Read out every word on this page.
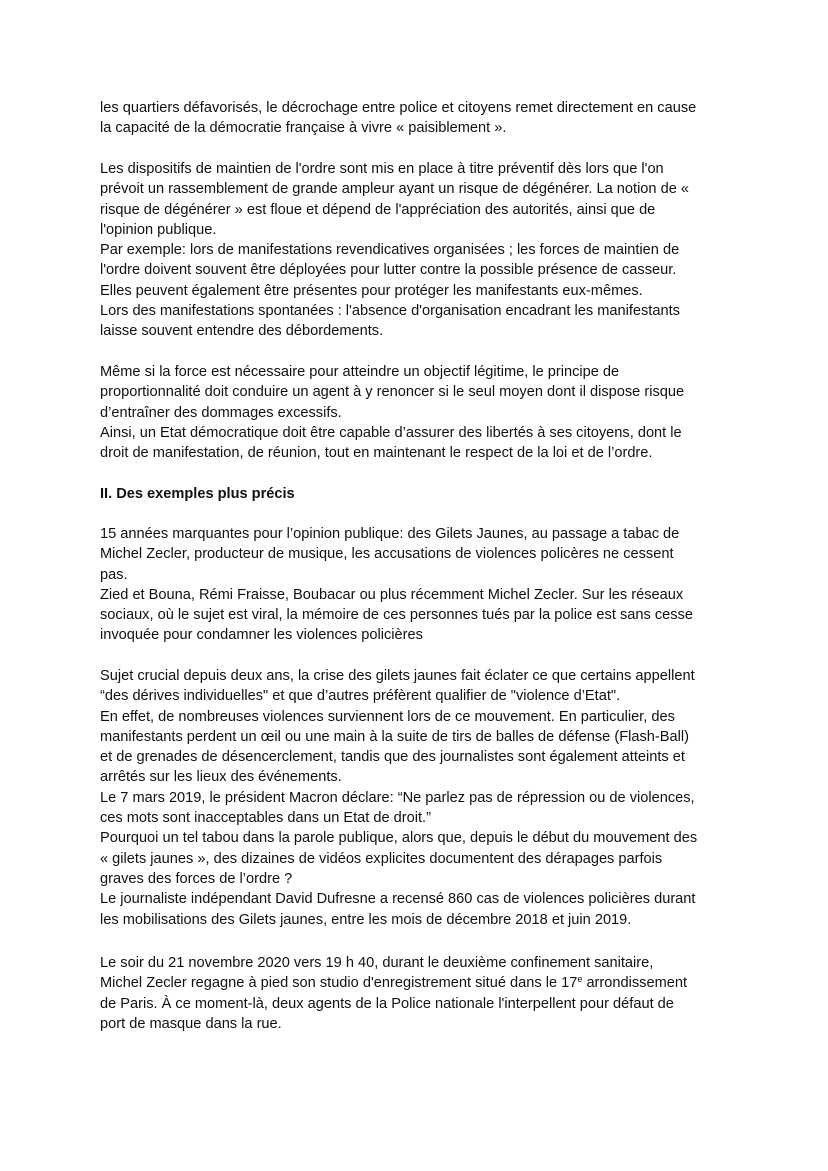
les quartiers défavorisés, le décrochage entre police et citoyens remet directement en cause

la capacité de la démocratie française à vivre « paisiblement ».

Les dispositifs de maintien de l'ordre sont mis en place à titre préventif dès lors que l'on

prévoit un rassemblement de grande ampleur ayant un risque de dégénérer. La notion de «

risque de dégénérer » est floue et dépend de l'appréciation des autorités, ainsi que de

l'opinion publique.

Par exemple: lors de manifestations revendicatives organisées ; les forces de maintien de

l'ordre doivent souvent être déployées pour lutter contre la possible présence de casseur.

Elles peuvent également être présentes pour protéger les manifestants eux-mêmes.

Lors des manifestations spontanées : l'absence d'organisation encadrant les manifestants

laisse souvent entendre des débordements.

Même si la force est nécessaire pour atteindre un objectif légitime, le principe de

proportionnalité doit conduire un agent à y renoncer si le seul moyen dont il dispose risque

d’entraîner des dommages excessifs.

Ainsi, un Etat démocratique doit être capable d’assurer des libertés à ses citoyens, dont le

droit de manifestation, de réunion, tout en maintenant le respect de la loi et de l’ordre.

II. Des exemples plus précis

15 années marquantes pour l’opinion publique: des Gilets Jaunes, au passage a tabac de

Michel Zecler, producteur de musique, les accusations de violences policères ne cessent

pas.

Zied et Bouna, Rémi Fraisse, Boubacar ou plus récemment Michel Zecler. Sur les réseaux

sociaux, où le sujet est viral, la mémoire de ces personnes tués par la police est sans cesse

invoquée pour condamner les violences policières

Sujet crucial depuis deux ans, la crise des gilets jaunes fait éclater ce que certains appellent

“des dérives individuelles" et que d’autres préfèrent qualifier de "violence d’Etat".

En effet, de nombreuses violences surviennent lors de ce mouvement. En particulier, des

manifestants perdent un œil ou une main à la suite de tirs de balles de défense (Flash-Ball)

et de grenades de désencerclement, tandis que des journalistes sont également atteints et

arrêtés sur les lieux des événements.

Le 7 mars 2019, le président Macron déclare: “Ne parlez pas de répression ou de violences,

ces mots sont inacceptables dans un Etat de droit.”

Pourquoi un tel tabou dans la parole publique, alors que, depuis le début du mouvement des

« gilets jaunes », des dizaines de vidéos explicites documentent des dérapages parfois

graves des forces de l’ordre ?

Le journaliste indépendant David Dufresne a recensé 860 cas de violences policières durant

les mobilisations des Gilets jaunes, entre les mois de décembre 2018 et juin 2019.

Le soir du 21 novembre 2020 vers 19 h 40, durant le deuxième confinement sanitaire,

Michel Zecler regagne à pied son studio d'enregistrement situé dans le 17e arrondissement

de Paris. À ce moment-là, deux agents de la Police nationale l'interpellent pour défaut de

port de masque dans la rue.
